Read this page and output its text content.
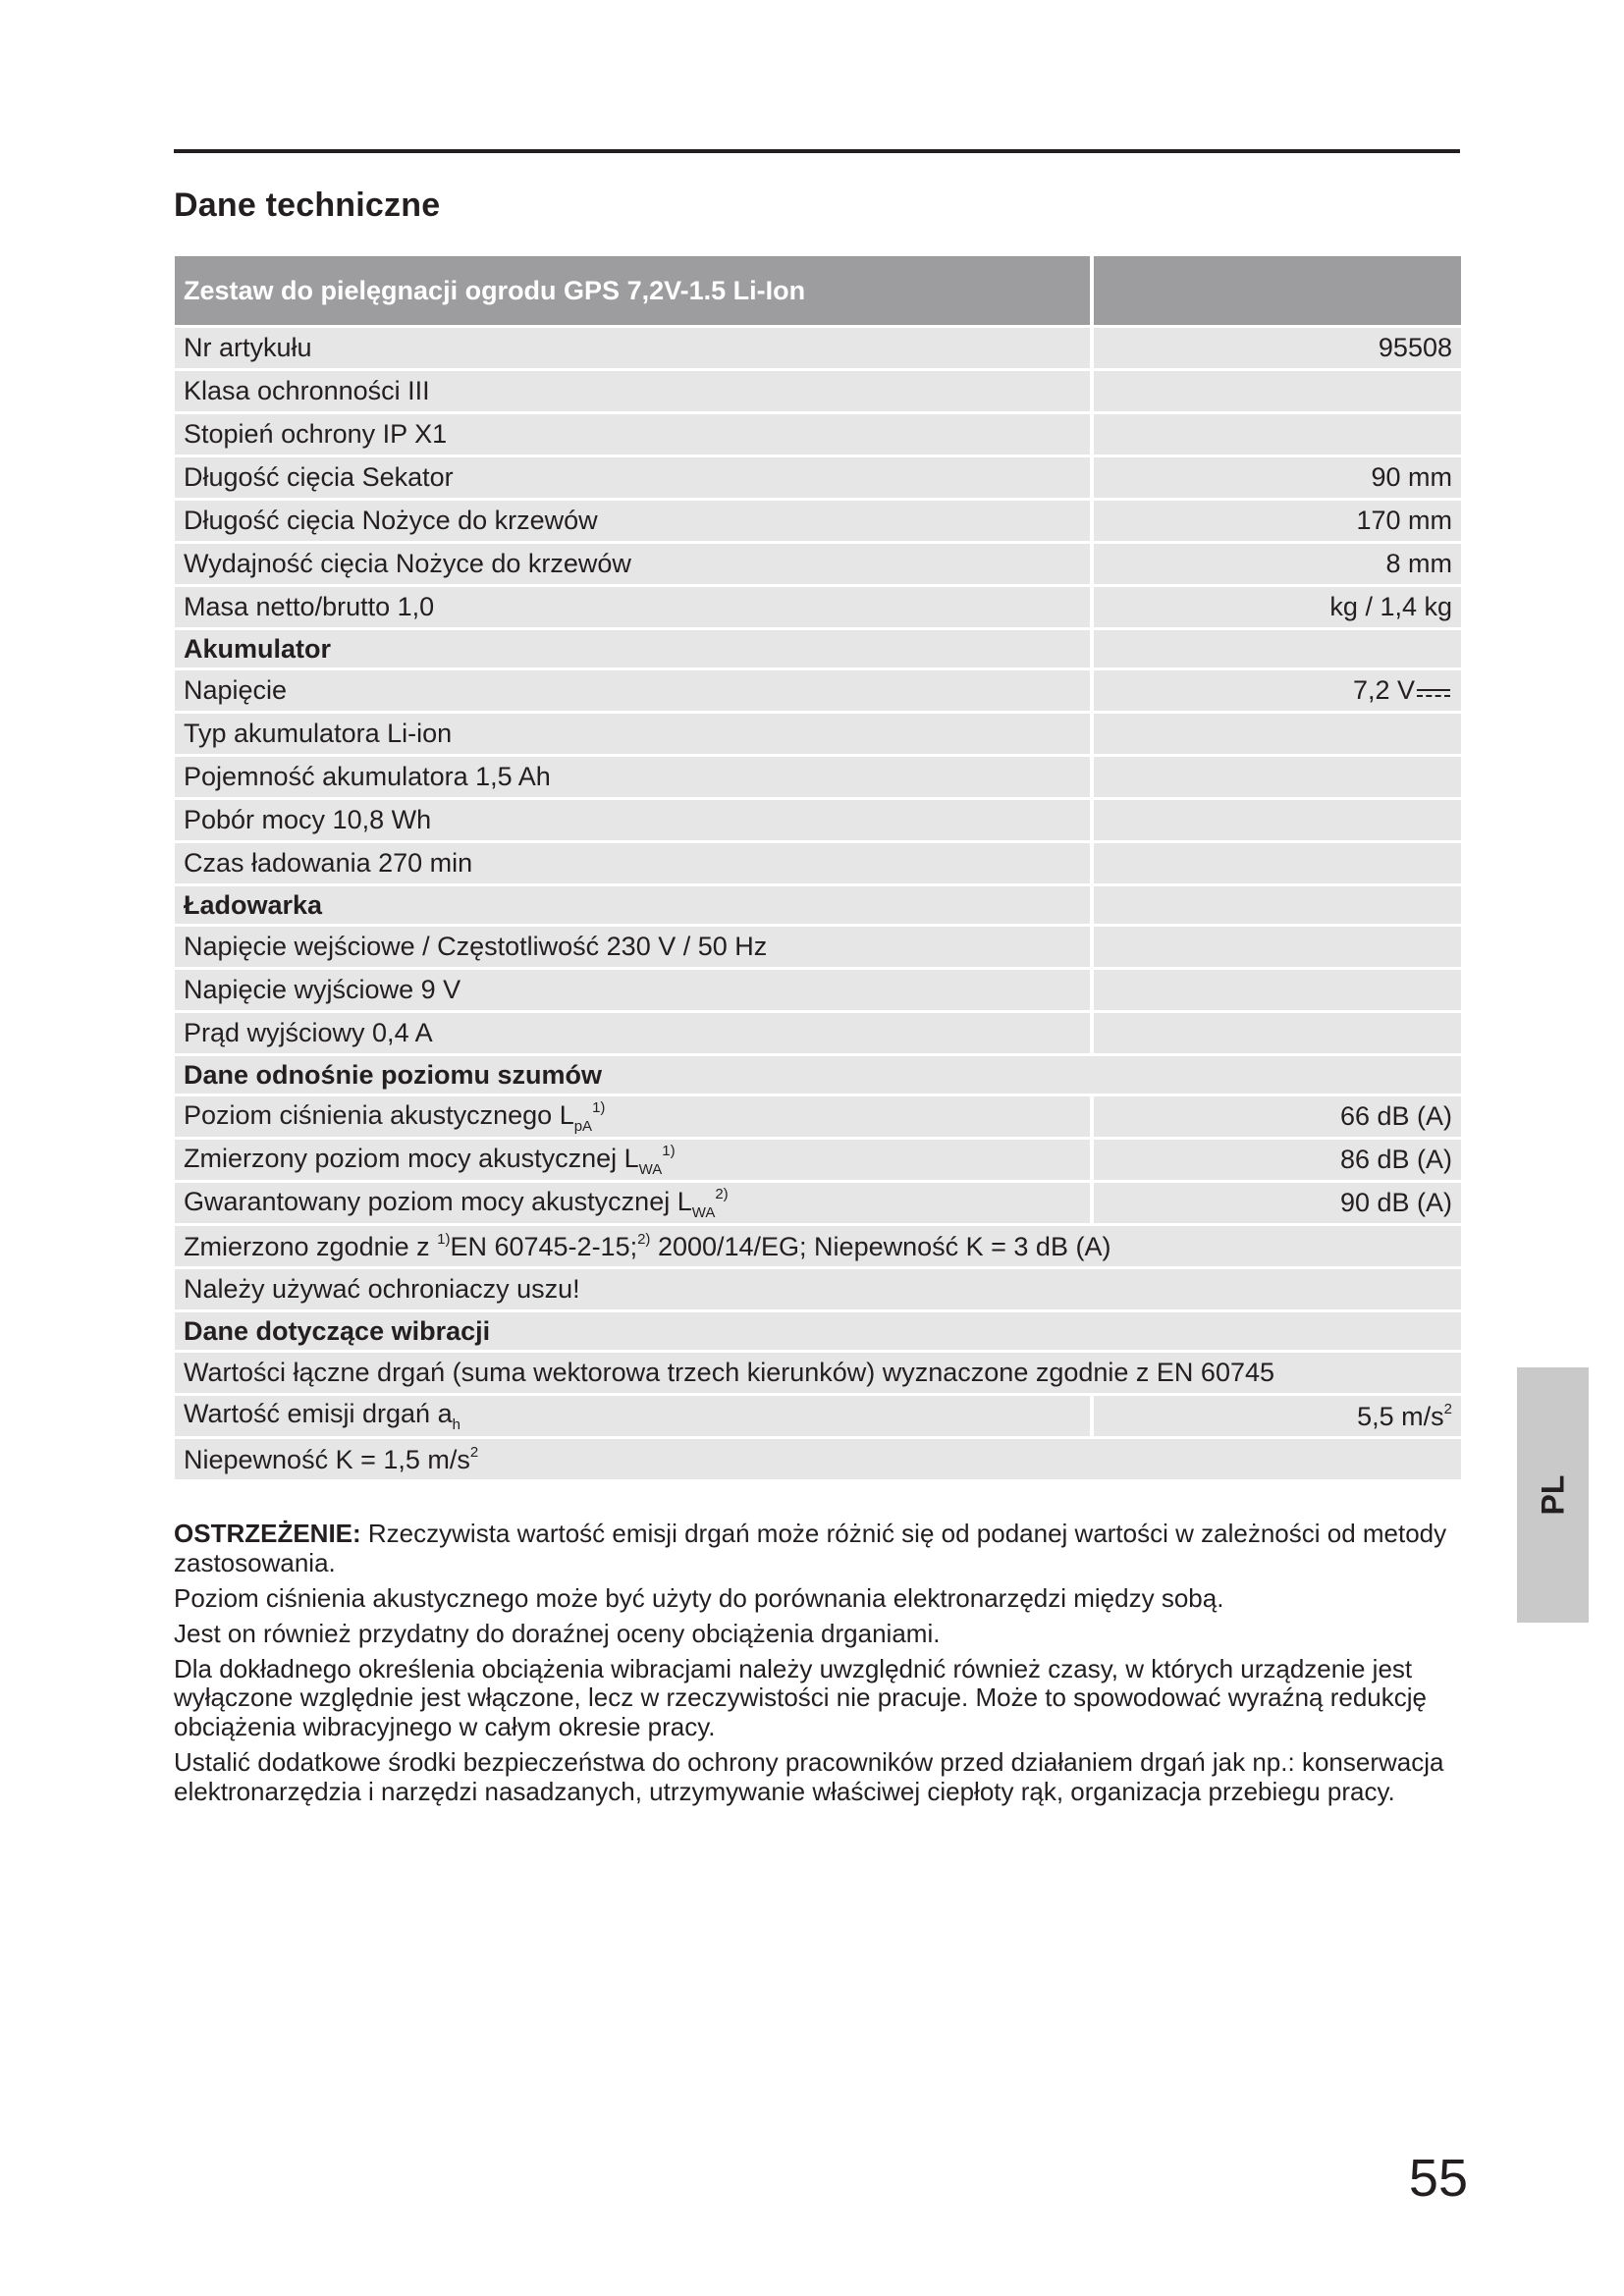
Dane techniczne
Zestaw do pielęgnacji ogrodu GPS 7,2V-1.5 Li-Ion	
Nr artykułu	95508
Klasa ochronności III	
Stopień ochrony IP X1	
Długość cięcia Sekator	90 mm
Długość cięcia Nożyce do krzewów	170 mm
Wydajność cięcia Nożyce do krzewów	8 mm
Masa netto/brutto 1,0	kg / 1,4 kg
Akumulator	
Napięcie	7,2 V

Typ akumulatora Li-ion	
Pojemność akumulatora 1,5 Ah	
Pobór mocy 10,8 Wh	
Czas ładowania 270 min	
Ładowarka	
Napięcie wejściowe / Częstotliwość 230 V / 50 Hz	
Napięcie wyjściowe 9 V	
Prąd wyjściowy 0,4 A	
Dane odnośnie poziomu szumów	
Poziom ciśnienia akustycznego $L_{pA}^{1)}$	66 dB (A)
Zmierzony poziom mocy akustycznej $L_{WA}^{1)}$	86 dB (A)
Gwarantowany poziom mocy akustycznej $L_{WA}^{2)}$	90 dB (A)
Zmierzono zgodnie z $^{1)}$EN 60745-2-15;$^{2)}$ 2000/14/EG; Niepewność K = 3 dB (A)	
Należy używać ochroniaczy uszu!	
Dane dotyczące wibracji	
Wartości łączne drgań (suma wektorowa trzech kierunków) wyznaczone zgodnie z EN 60745	
Wartość emisji drgań $a_h$	5,5 $m/s^2$
Niepewność K = 1,5 $m/s^2$

OSTRZEŻENIE: Rzeczywista wartość emisji drgań może różnić się od podanej wartości w zależności od metody zastosowania.

Poziom ciśnienia akustycznego może być użyty do porównania elektronarzędzi między sobą.

Jest on również przydatny do doraźnej oceny obciążenia drganiami.

Dla dokładnego określenia obciążenia wibracjami należy uwzględnić również czasy, w których urządzenie jest wyłączone względnie jest włączone, lecz w rzeczywistości nie pracuje. Może to spowodować wyraźną redukcję obciążenia wibracyjnego w całym okresie pracy.

Ustalić dodatkowe środki bezpieczeństwa do ochrony pracowników przed działaniem drgań jak np.: konserwacja elektronarzędzia i narzędzi nasadzanych, utrzymywanie właściwej ciepłoty rąk, organizacja przebiegu pracy.

PL
55
